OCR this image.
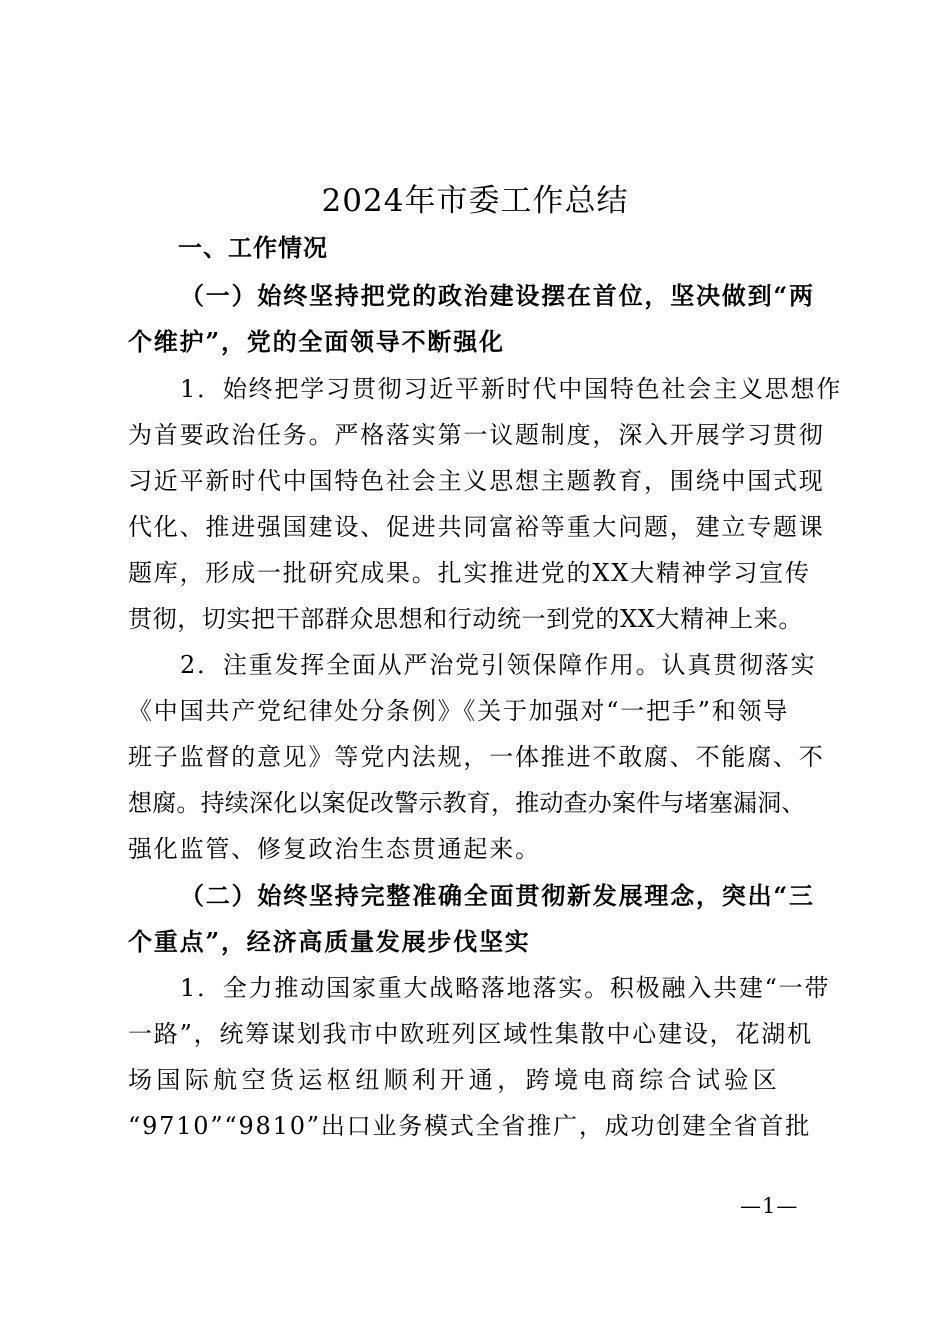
2024年市委工作总结
一、工作情况
（一）始终坚持把党的政治建设摆在首位，坚决做到“两
个维护”，党的全面领导不断强化
1．始终把学习贯彻习近平新时代中国特色社会主义思想作
为首要政治任务。严格落实第一议题制度，深入开展学习贯彻
习近平新时代中国特色社会主义思想主题教育，围绕中国式现
代化、推进强国建设、促进共同富裕等重大问题，建立专题课
题库，形成一批研究成果。扎实推进党的XX大精神学习宣传
贯彻，切实把干部群众思想和行动统一到党的XX大精神上来。
2．注重发挥全面从严治党引领保障作用。认真贯彻落实
《中国共产党纪律处分条例》《关于加强对“一把手”和领导
班子监督的意见》等党内法规，一体推进不敢腐、不能腐、不
想腐。持续深化以案促改警示教育，推动查办案件与堵塞漏洞、
强化监管、修复政治生态贯通起来。
（二）始终坚持完整准确全面贯彻新发展理念，突出“三
个重点”，经济高质量发展步伐坚实
1．全力推动国家重大战略落地落实。积极融入共建“一带
一路”，统筹谋划我市中欧班列区域性集散中心建设，花湖机
场国际航空货运枢纽顺利开通，跨境电商综合试验区
“9710”“9810”出口业务模式全省推广，成功创建全省首批
—1—
